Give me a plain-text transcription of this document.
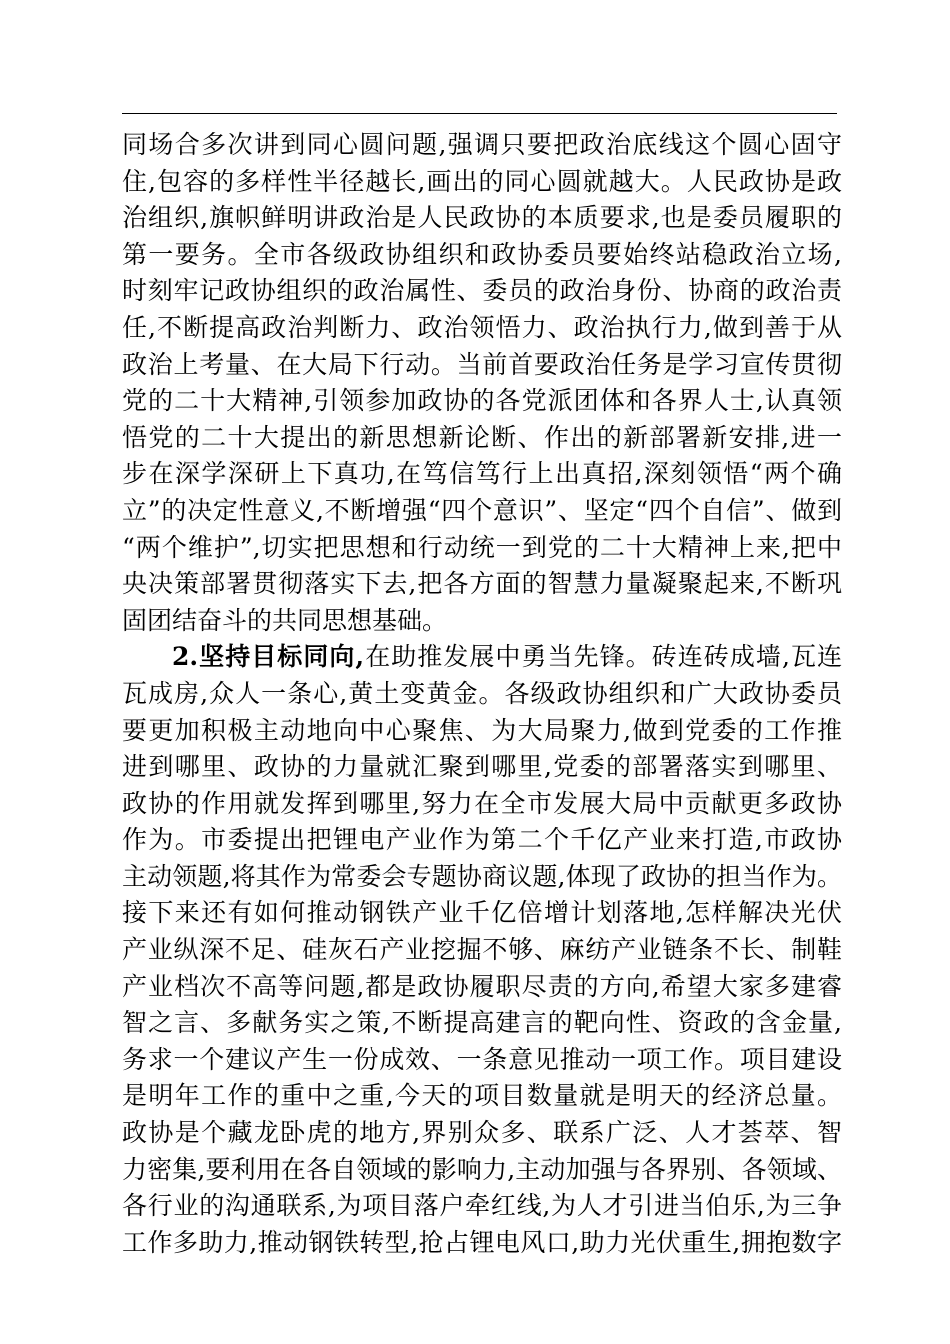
同场合多次讲到同心圆问题,强调只要把政治底线这个圆心固守
住,包容的多样性半径越长,画出的同心圆就越大。人民政协是政
治组织,旗帜鲜明讲政治是人民政协的本质要求,也是委员履职的
第一要务。全市各级政协组织和政协委员要始终站稳政治立场,
时刻牢记政协组织的政治属性、委员的政治身份、协商的政治责
任,不断提高政治判断力、政治领悟力、政治执行力,做到善于从
政治上考量、在大局下行动。当前首要政治任务是学习宣传贯彻
党的二十大精神,引领参加政协的各党派团体和各界人士,认真领
悟党的二十大提出的新思想新论断、作出的新部署新安排,进一
步在深学深研上下真功,在笃信笃行上出真招,深刻领悟“两个确
立”的决定性意义,不断增强“四个意识”、坚定“四个自信”、做到
“两个维护”,切实把思想和行动统一到党的二十大精神上来,把中
央决策部署贯彻落实下去,把各方面的智慧力量凝聚起来,不断巩
固团结奋斗的共同思想基础。
2.坚持目标同向,在助推发展中勇当先锋。砖连砖成墙,瓦连
瓦成房,众人一条心,黄土变黄金。各级政协组织和广大政协委员
要更加积极主动地向中心聚焦、为大局聚力,做到党委的工作推
进到哪里、政协的力量就汇聚到哪里,党委的部署落实到哪里、
政协的作用就发挥到哪里,努力在全市发展大局中贡献更多政协
作为。市委提出把锂电产业作为第二个千亿产业来打造,市政协
主动领题,将其作为常委会专题协商议题,体现了政协的担当作为。
接下来还有如何推动钢铁产业千亿倍增计划落地,怎样解决光伏
产业纵深不足、硅灰石产业挖掘不够、麻纺产业链条不长、制鞋
产业档次不高等问题,都是政协履职尽责的方向,希望大家多建睿
智之言、多献务实之策,不断提高建言的靶向性、资政的含金量,
务求一个建议产生一份成效、一条意见推动一项工作。项目建设
是明年工作的重中之重,今天的项目数量就是明天的经济总量。
政协是个藏龙卧虎的地方,界别众多、联系广泛、人才荟萃、智
力密集,要利用在各自领域的影响力,主动加强与各界别、各领域、
各行业的沟通联系,为项目落户牵红线,为人才引进当伯乐,为三争
工作多助力,推动钢铁转型,抢占锂电风口,助力光伏重生,拥抱数字
